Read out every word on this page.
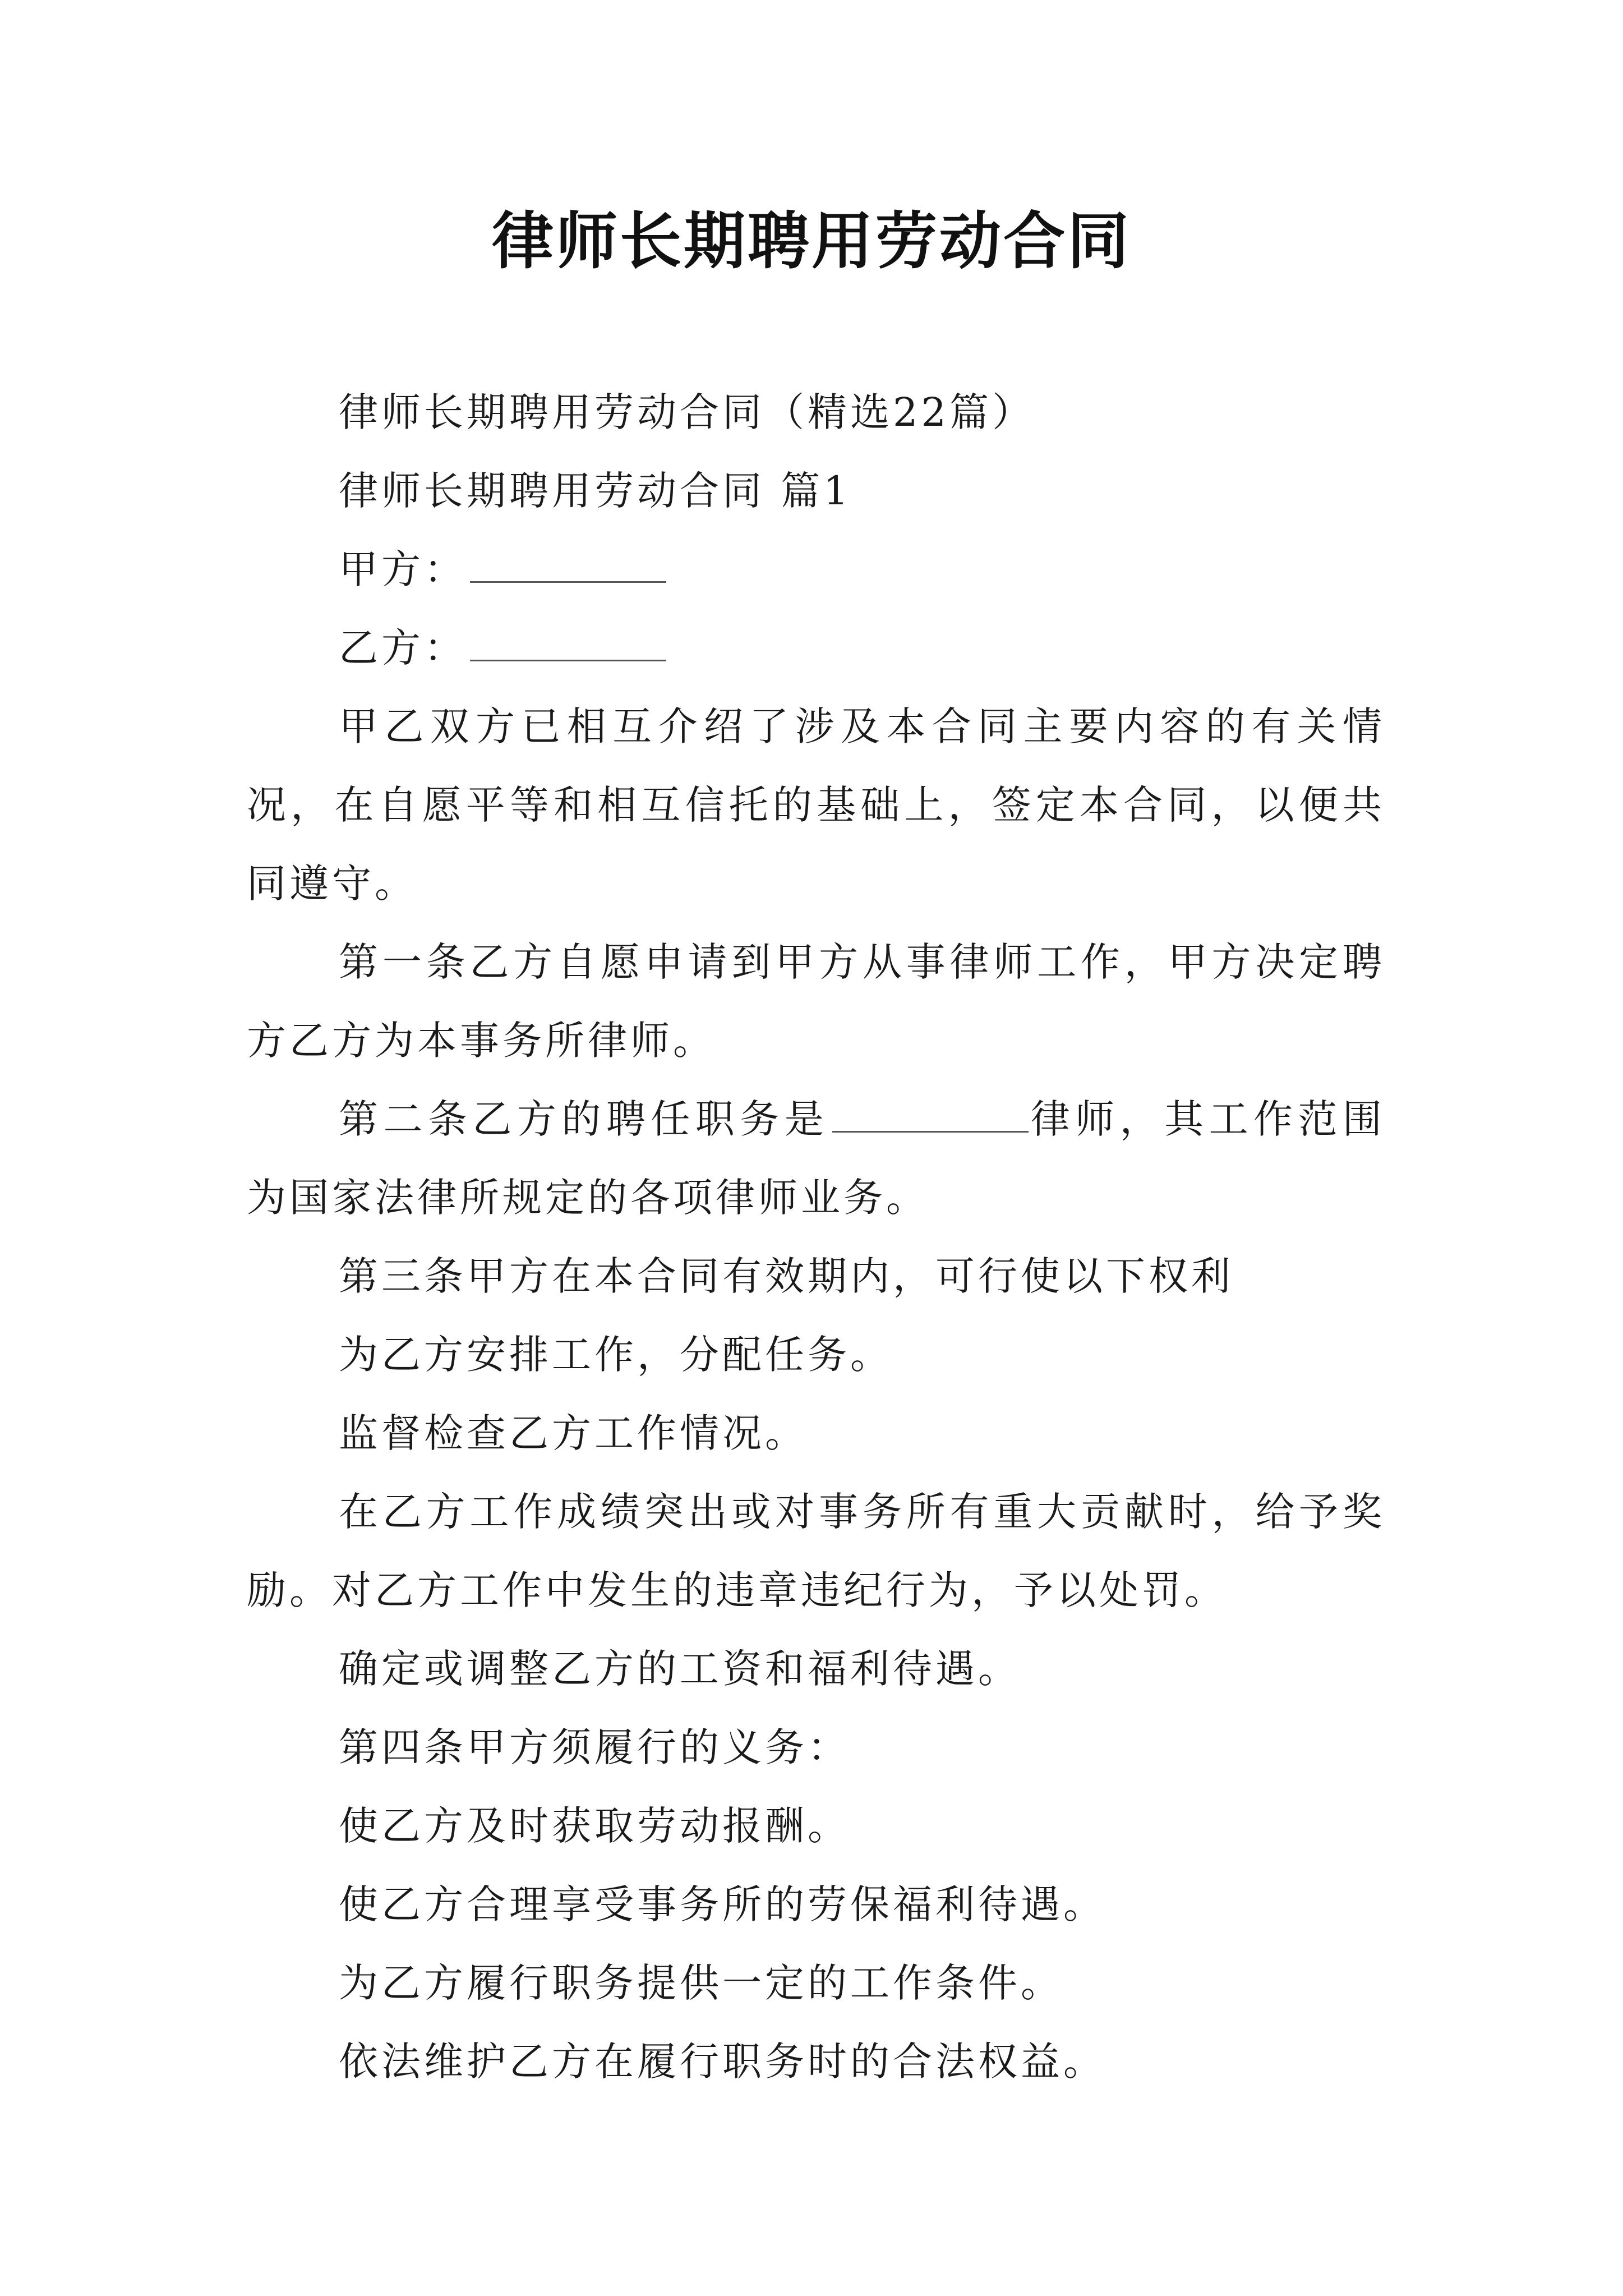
律师长期聘用劳动合同

律师长期聘用劳动合同（精选22篇）

律师长期聘用劳动合同 篇1

甲方：

乙方：

甲乙双方已相互介绍了涉及本合同主要内容的有关情况，在自愿平等和相互信托的基础上，签定本合同，以便共同遵守。

第一条乙方自愿申请到甲方从事律师工作，甲方决定聘方乙方为本事务所律师。

第二条乙方的聘任职务是	律师，其工作范围为国家法律所规定的各项律师业务。

第三条甲方在本合同有效期内，可行使以下权利

为乙方安排工作，分配任务。

监督检查乙方工作情况。

在乙方工作成绩突出或对事务所有重大贡献时，给予奖励。对乙方工作中发生的违章违纪行为，予以处罚。

确定或调整乙方的工资和福利待遇。

第四条甲方须履行的义务：

使乙方及时获取劳动报酬。

使乙方合理享受事务所的劳保福利待遇。

为乙方履行职务提供一定的工作条件。

依法维护乙方在履行职务时的合法权益。
